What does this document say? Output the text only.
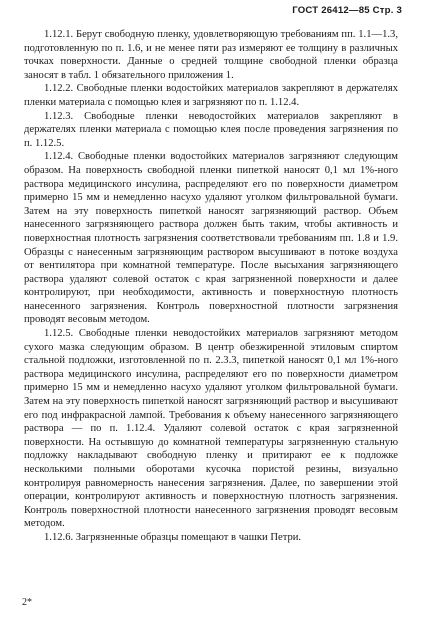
ГОСТ 26412—85 Стр. 3

1.12.1. Берут свободную пленку, удовлетворяющую требованиям пп. 1.1—1.3, подготовленную по п. 1.6, и не менее пяти раз измеряют ее толщину в различных точках поверхности. Данные о средней толщине свободной пленки образца заносят в табл. 1 обязательного приложения 1.

1.12.2. Свободные пленки водостойких материалов закрепляют в держателях пленки материала с помощью клея и загрязняют по п. 1.12.4.

1.12.3. Свободные пленки неводостойких материалов закрепляют в держателях пленки материала с помощью клея после проведения загрязнения по п. 1.12.5.

1.12.4. Свободные пленки водостойких материалов загрязняют следующим образом. На поверхность свободной пленки пипеткой наносят 0,1 мл 1%-ного раствора медицинского инсулина, распределяют его по поверхности диаметром примерно 15 мм и немедленно насухо удаляют уголком фильтровальной бумаги. Затем на эту поверхность пипеткой наносят загрязняющий раствор. Объем нанесенного загрязняющего раствора должен быть таким, чтобы активность и поверхностная плотность загрязнения соответствовали требованиям пп. 1.8 и 1.9. Образцы с нанесенным загрязняющим раствором высушивают в потоке воздуха от вентилятора при комнатной температуре. После высыхания загрязняющего раствора удаляют солевой остаток с края загрязненной поверхности и далее контролируют, при необходимости, активность и поверхностную плотность нанесенного загрязнения. Контроль поверхностной плотности загрязнения проводят весовым методом.

1.12.5. Свободные пленки неводостойких материалов загрязняют методом сухого мазка следующим образом. В центр обезжиренной этиловым спиртом стальной подложки, изготовленной по п. 2.3.3, пипеткой наносят 0,1 мл 1%-ного раствора медицинского инсулина, распределяют его по поверхности диаметром примерно 15 мм и немедленно насухо удаляют уголком фильтровальной бумаги. Затем на эту поверхность пипеткой наносят загрязняющий раствор и высушивают его под инфракрасной лампой. Требования к объему нанесенного загрязняющего раствора — по п. 1.12.4. Удаляют солевой остаток с края загрязненной поверхности. На остывшую до комнатной температуры загрязненную стальную подложку накладывают свободную пленку и притирают ее к подложке несколькими полными оборотами кусочка пористой резины, визуально контролируя равномерность нанесения загрязнения. Далее, по завершении этой операции, контролируют активность и поверхностную плотность загрязнения. Контроль поверхностной плотности нанесенного загрязнения проводят весовым методом.

1.12.6. Загрязненные образцы помещают в чашки Петри.

2*
